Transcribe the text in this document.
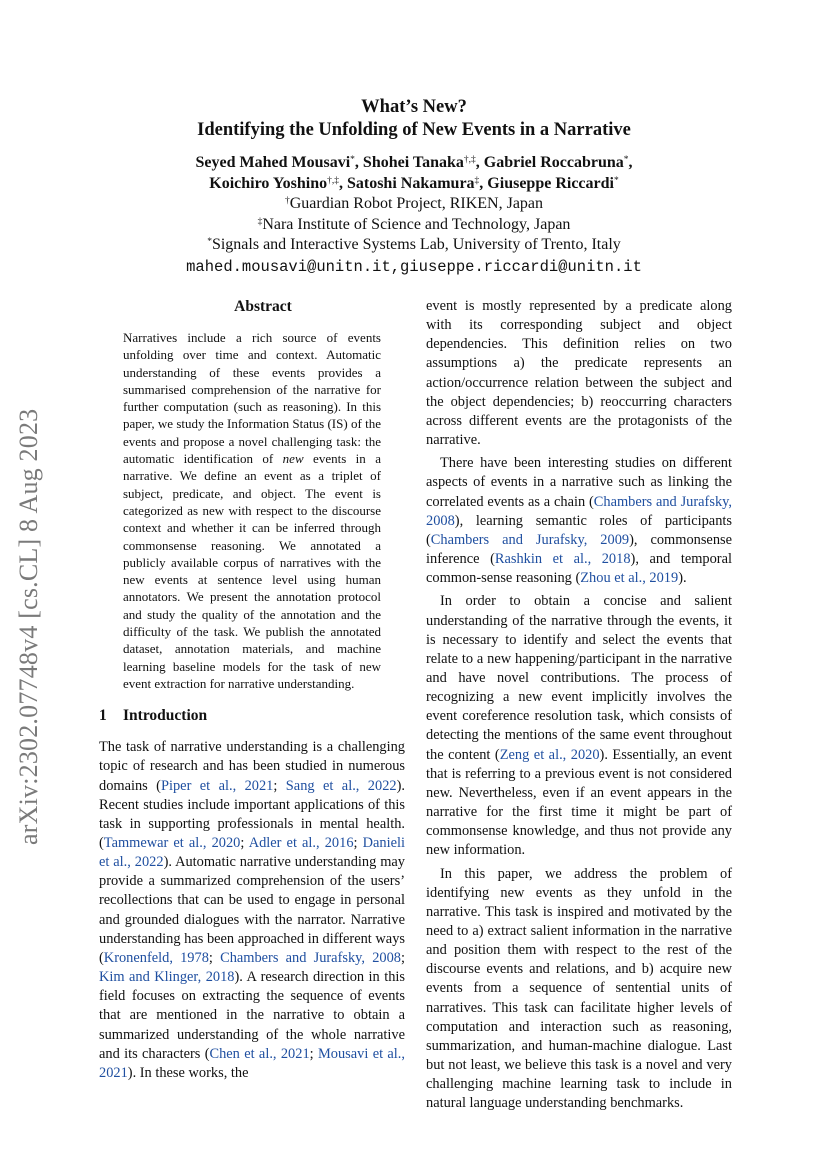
arXiv:2302.07748v4 [cs.CL] 8 Aug 2023
What’s New?
Identifying the Unfolding of New Events in a Narrative
Seyed Mahed Mousavi*, Shohei Tanaka†,‡, Gabriel Roccabruna*,
Koichiro Yoshino†,‡, Satoshi Nakamura‡, Giuseppe Riccardi*
†Guardian Robot Project, RIKEN, Japan
‡Nara Institute of Science and Technology, Japan
*Signals and Interactive Systems Lab, University of Trento, Italy
mahed.mousavi@unitn.it,giuseppe.riccardi@unitn.it
Abstract

Narratives include a rich source of events unfolding over time and context. Automatic understanding of these events provides a summarised comprehension of the narrative for further computation (such as reasoning). In this paper, we study the Information Status (IS) of the events and propose a novel challenging task: the automatic identification of new events in a narrative. We define an event as a triplet of subject, predicate, and object. The event is categorized as new with respect to the discourse context and whether it can be inferred through commonsense reasoning. We annotated a publicly available corpus of narratives with the new events at sentence level using human annotators. We present the annotation protocol and study the quality of the annotation and the difficulty of the task. We publish the annotated dataset, annotation materials, and machine learning baseline models for the task of new event extraction for narrative understanding.

1 Introduction

The task of narrative understanding is a challenging topic of research and has been studied in numerous domains (Piper et al., 2021; Sang et al., 2022). Recent studies include important applications of this task in supporting professionals in mental health. (Tammewar et al., 2020; Adler et al., 2016; Danieli et al., 2022). Automatic narrative understanding may provide a summarized comprehension of the users’ recollections that can be used to engage in personal and grounded dialogues with the narrator. Narrative understanding has been approached in different ways (Kronenfeld, 1978; Chambers and Jurafsky, 2008; Kim and Klinger, 2018). A research direction in this field focuses on extracting the sequence of events that are mentioned in the narrative to obtain a summarized understanding of the whole narrative and its characters (Chen et al., 2021; Mousavi et al., 2021). In these works, the

event is mostly represented by a predicate along with its corresponding subject and object dependencies. This definition relies on two assumptions a) the predicate represents an action/occurrence relation between the subject and the object dependencies; b) reoccurring characters across different events are the protagonists of the narrative.

There have been interesting studies on different aspects of events in a narrative such as linking the correlated events as a chain (Chambers and Jurafsky, 2008), learning semantic roles of participants (Chambers and Jurafsky, 2009), commonsense inference (Rashkin et al., 2018), and temporal common-sense reasoning (Zhou et al., 2019).

In order to obtain a concise and salient understanding of the narrative through the events, it is necessary to identify and select the events that relate to a new happening/participant in the narrative and have novel contributions. The process of recognizing a new event implicitly involves the event coreference resolution task, which consists of detecting the mentions of the same event throughout the content (Zeng et al., 2020). Essentially, an event that is referring to a previous event is not considered new. Nevertheless, even if an event appears in the narrative for the first time it might be part of commonsense knowledge, and thus not provide any new information.

In this paper, we address the problem of identifying new events as they unfold in the narrative. This task is inspired and motivated by the need to a) extract salient information in the narrative and position them with respect to the rest of the discourse events and relations, and b) acquire new events from a sequence of sentential units of narratives. This task can facilitate higher levels of computation and interaction such as reasoning, summarization, and human-machine dialogue. Last but not least, we believe this task is a novel and very challenging machine learning task to include in natural language understanding benchmarks.
